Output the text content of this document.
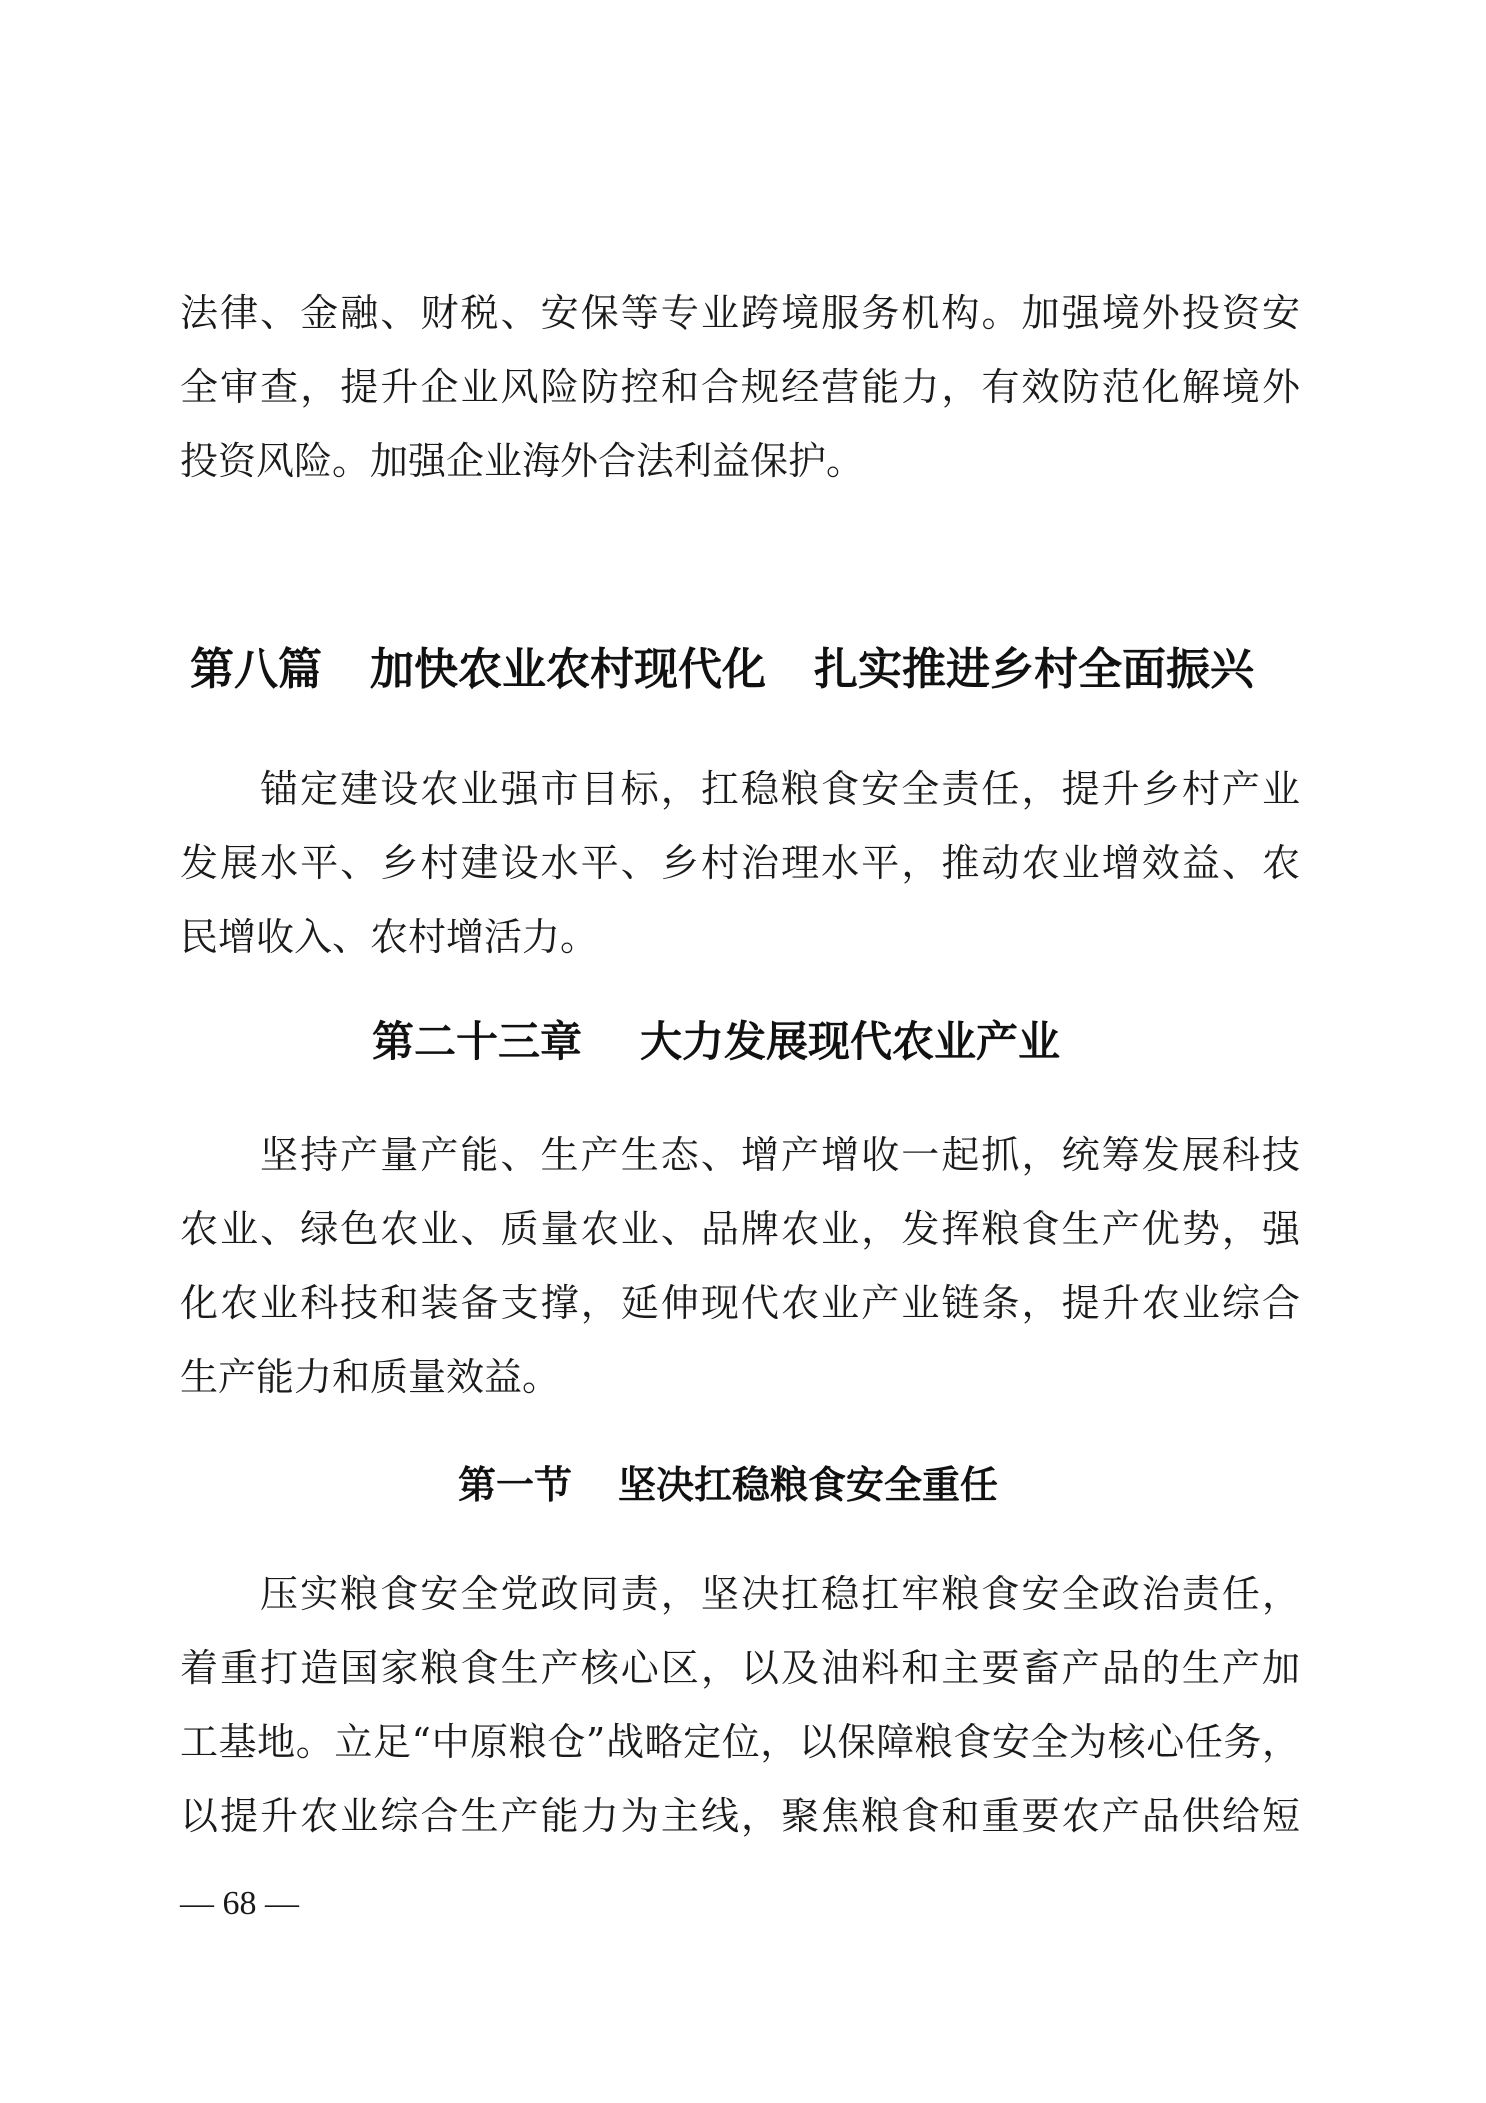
法律、金融、财税、安保等专业跨境服务机构。加强境外投资安
全审查，提升企业风险防控和合规经营能力，有效防范化解境外
投资风险。加强企业海外合法利益保护。
第八篇 加快农业农村现代化 扎实推进乡村全面振兴
锚定建设农业强市目标，扛稳粮食安全责任，提升乡村产业
发展水平、乡村建设水平、乡村治理水平，推动农业增效益、农
民增收入、农村增活力。
第二十三章 大力发展现代农业产业
坚持产量产能、生产生态、增产增收一起抓，统筹发展科技
农业、绿色农业、质量农业、品牌农业，发挥粮食生产优势，强
化农业科技和装备支撑，延伸现代农业产业链条，提升农业综合
生产能力和质量效益。
第一节 坚决扛稳粮食安全重任
压实粮食安全党政同责，坚决扛稳扛牢粮食安全政治责任，
着重打造国家粮食生产核心区，以及油料和主要畜产品的生产加
工基地。立足“中原粮仓”战略定位，以保障粮食安全为核心任务，
以提升农业综合生产能力为主线，聚焦粮食和重要农产品供给短
— 68 —
